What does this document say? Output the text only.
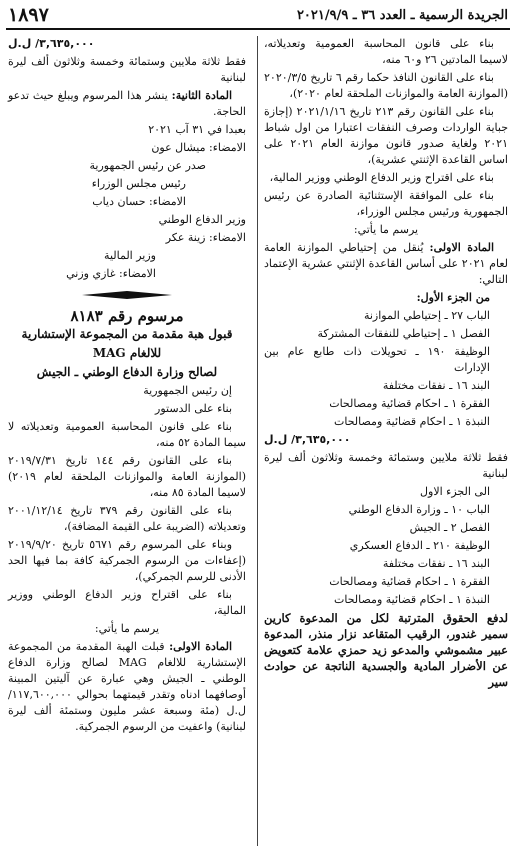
الجريدة الرسمية ـ العدد ٣٦ ـ ٢٠٢١/٩/٩
١٨٩٧

بناء على قانون المحاسبة العمومية وتعديلاته، لاسيما المادتين ٢٦ و٦٠ منه،

بناء على القانون النافذ حكما رقم ٦ تاريخ ٢٠٢٠/٣/٥ (الموازنة العامة والموازنات الملحقة لعام ٢٠٢٠)،

بناء على القانون رقم ٢١٣ تاريخ ٢٠٢١/١/١٦ (إجازة جباية الواردات وصرف النفقات اعتبارا من اول شباط ٢٠٢١ ولغاية صدور قانون موازنة العام ٢٠٢١ على اساس القاعدة الإثنتي عشرية)،

بناء على اقتراح وزير الدفاع الوطني ووزير المالية،

بناء على الموافقة الإستثنائية الصادرة عن رئيس الجمهورية ورئيس مجلس الوزراء،

يرسم ما يأتي:

المادة الاولى: يُنقل من إحتياطي الموازنة العامة لعام ٢٠٢١ على أساس القاعدة الإثنتي عشرية الإعتماد التالي:

من الجزء الأول:

الباب ٢٧ ـ إحتياطي الموازنة

الفصل ١ ـ إحتياطي للنفقات المشتركة

الوظيفة ١٩٠ ـ تحويلات ذات طابع عام بين الإدارات

البند ١٦ ـ نفقات مختلفة

الفقرة ١ ـ احكام قضائية ومصالحات

النبذة ١ ـ احكام قضائية ومصالحات

٣,٦٣٥,٠٠٠/ ل.ل

فقط ثلاثة ملايين وستمائة وخمسة وثلاثون ألف ليرة لبنانية

الى الجزء الاول

الباب ١٠ ـ وزارة الدفاع الوطني

الفصل ٢ ـ الجيش

الوظيفة ٢١٠ ـ الدفاع العسكري

البند ١٦ ـ نفقات مختلفة

الفقرة ١ ـ احكام قضائية ومصالحات

النبذة ١ ـ احكام قضائية ومصالحات

لدفع الحقوق المترتبة لكل من المدعوة كارين سمير غندور، الرقيب المتقاعد نزار منذر، المدعوة عبير مشموشي والمدعو زيد حمزي علامة كتعويض عن الأضرار المادية والجسدية الناتجة عن حوادث سير

٣,٦٣٥,٠٠٠/ ل.ل

فقط ثلاثة ملايين وستمائة وخمسة وثلاثون ألف ليرة لبنانية

المادة الثانية: ينشر هذا المرسوم ويبلغ حيث تدعو الحاجة.

بعبدا في ٣١ آب ٢٠٢١

الامضاء: ميشال عون

صدر عن رئيس الجمهورية

رئيس مجلس الوزراء

الامضاء: حسان دياب

وزير الدفاع الوطني

الامضاء: زينة عكر

وزير المالية

الامضاء: غازي وزني

مرسوم رقم ٨١٨٣

قبول هبة مقدمة من المجموعة الإستشارية

للالغام MAG

لصالح وزارة الدفاع الوطني ـ الجيش

إن رئيس الجمهورية

بناء على الدستور

بناء على قانون المحاسبة العمومية وتعديلاته لا سيما المادة ٥٢ منه،

بناء على القانون رقم ١٤٤ تاريخ ٢٠١٩/٧/٣١ (الموازنة العامة والموازنات الملحقة لعام ٢٠١٩) لاسيما المادة ٨٥ منه،

بناء على القانون رقم ٣٧٩ تاريخ ٢٠٠١/١٢/١٤ وتعديلاته (الضريبة على القيمة المضافة)،

وبناء على المرسوم رقم ٥٦٧١ تاريخ ٢٠١٩/٩/٢٠ (إعفاءات من الرسوم الجمركية كافة بما فيها الحد الأدنى للرسم الجمركي)،

بناء على اقتراح وزير الدفاع الوطني ووزير المالية،

يرسم ما يأتي:

المادة الاولى: قبلت الهبة المقدمة من المجموعة الإستشارية للالغام MAG لصالح وزارة الدفاع الوطني ـ الجيش وهي عبارة عن آليتين المبينة أوصافهما ادناه وتقدر قيمتهما بحوالي ١١٧,٦٠٠,٠٠٠/ ل.ل (مئة وسبعة عشر مليون وستمئة ألف ليرة لبنانية) واعفيت من الرسوم الجمركية.
